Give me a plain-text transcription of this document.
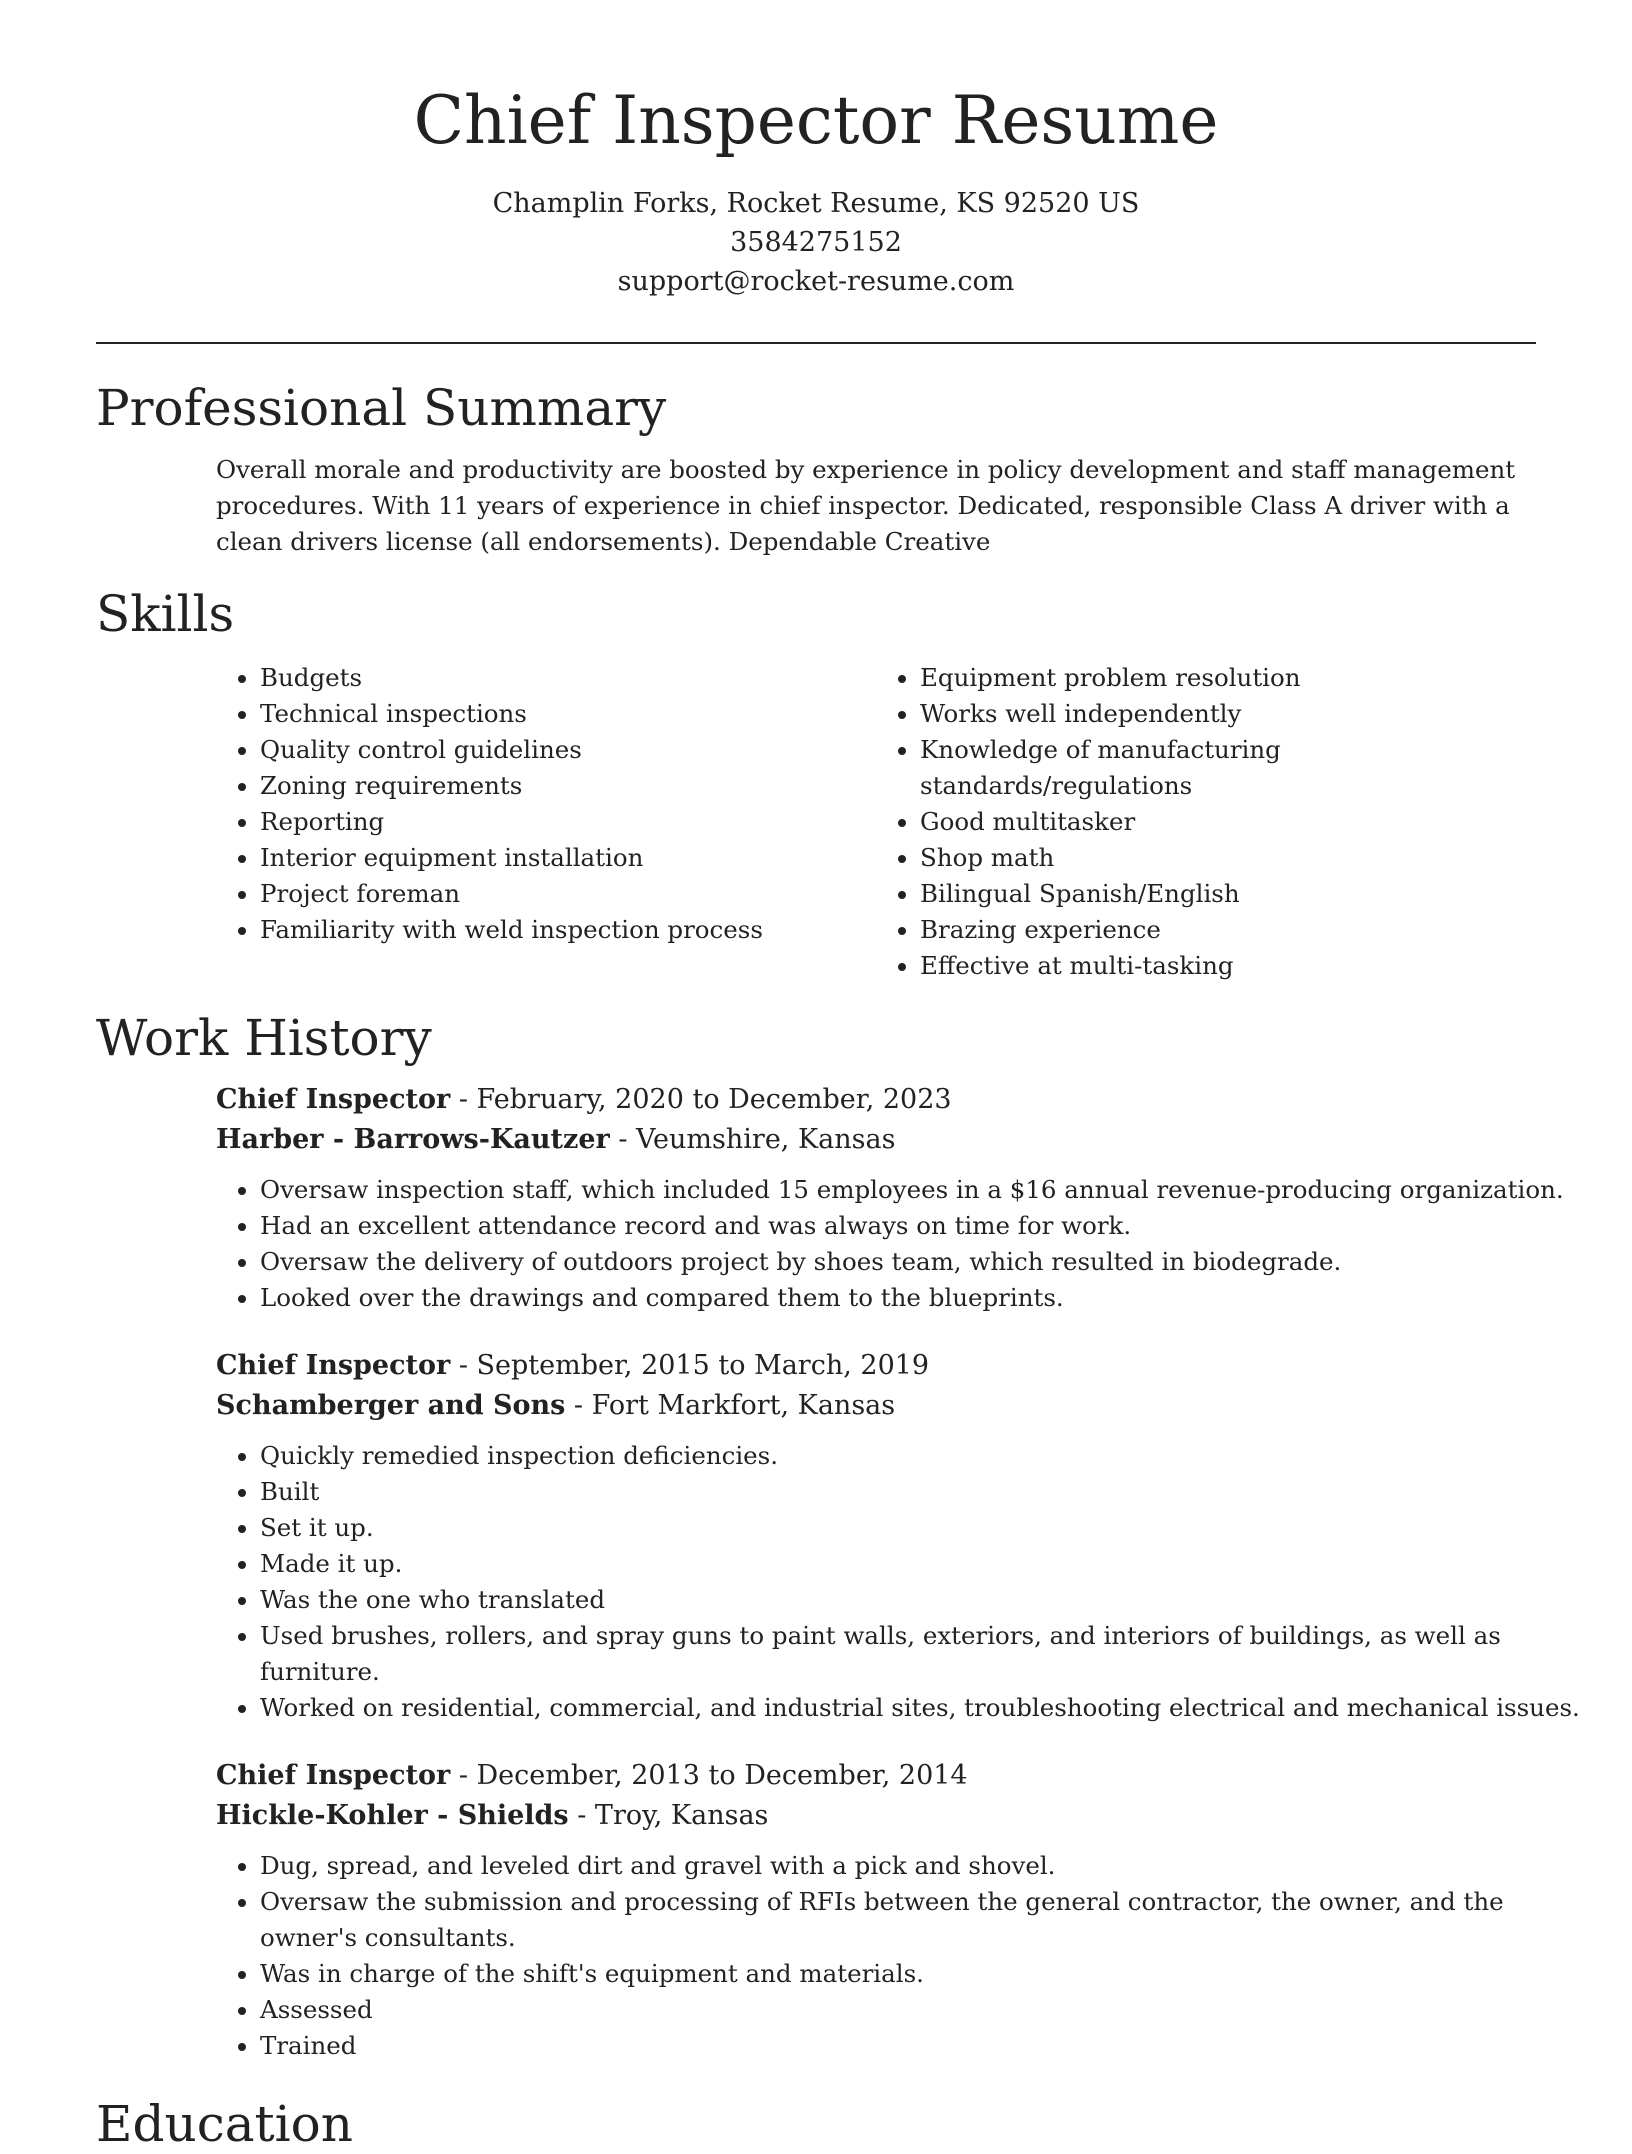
Chief Inspector Resume
Champlin Forks, Rocket Resume, KS 92520 US
3584275152
support@rocket-resume.com
Professional Summary

Overall morale and productivity are boosted by experience in policy development and staff management procedures. With 11 years of experience in chief inspector. Dedicated, responsible Class A driver with a clean drivers license (all endorsements). Dependable Creative

Skills
• Budgets
• Technical inspections
• Quality control guidelines
• Zoning requirements
• Reporting
• Interior equipment installation
• Project foreman
• Familiarity with weld inspection process
• Equipment problem resolution
• Works well independently
• Knowledge of manufacturing standards/regulations
• Good multitasker
• Shop math
• Bilingual Spanish/English
• Brazing experience
• Effective at multi-tasking
Work History
Chief Inspector - February, 2020 to December, 2023
Harber - Barrows-Kautzer - Veumshire, Kansas
• Oversaw inspection staff, which included 15 employees in a $16 annual revenue-producing organization.
• Had an excellent attendance record and was always on time for work.
• Oversaw the delivery of outdoors project by shoes team, which resulted in biodegrade.
• Looked over the drawings and compared them to the blueprints.
Chief Inspector - September, 2015 to March, 2019
Schamberger and Sons - Fort Markfort, Kansas
• Quickly remedied inspection deficiencies.
• Built
• Set it up.
• Made it up.
• Was the one who translated
• Used brushes, rollers, and spray guns to paint walls, exteriors, and interiors of buildings, as well as furniture.
• Worked on residential, commercial, and industrial sites, troubleshooting electrical and mechanical issues.
Chief Inspector - December, 2013 to December, 2014
Hickle-Kohler - Shields - Troy, Kansas
• Dug, spread, and leveled dirt and gravel with a pick and shovel.
• Oversaw the submission and processing of RFIs between the general contractor, the owner, and the owner's consultants.
• Was in charge of the shift's equipment and materials.
• Assessed
• Trained
Education
